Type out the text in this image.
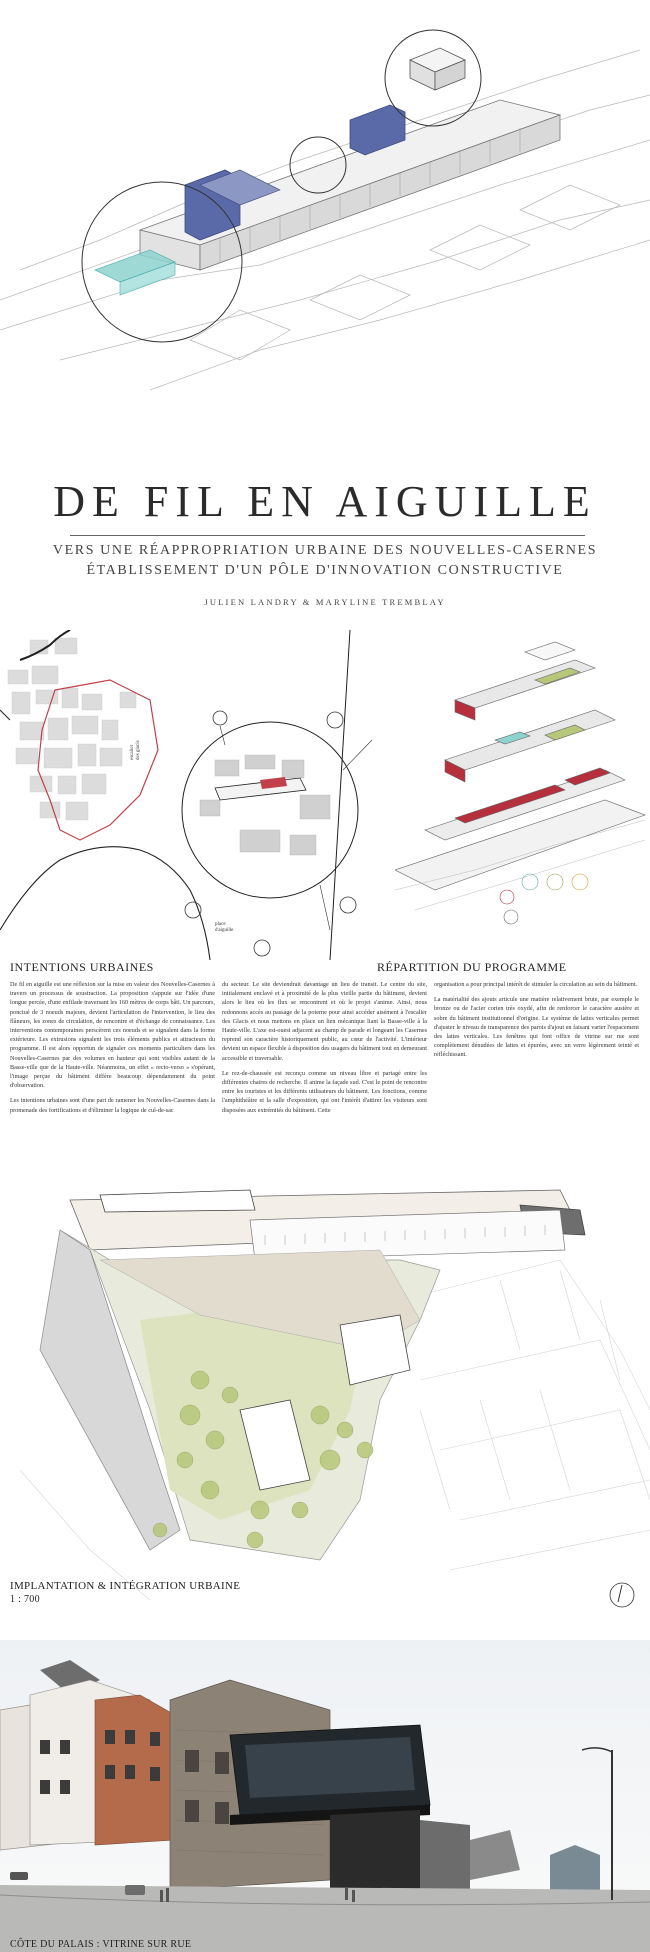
DE FIL EN AIGUILLE
VERS UNE RÉAPPROPRIATION URBAINE DES NOUVELLES-CASERNES
ÉTABLISSEMENT D'UN PÔLE D'INNOVATION CONSTRUCTIVE
JULIEN LANDRY & MARYLINE TREMBLAY
escalier
des glacis
place
d'aiguille
INTENTIONS URBAINES	RÉPARTITION DU PROGRAMME

De fil en aiguille est une réflexion sur la mise en valeur des Nouvelles-Casernes à travers un processus de soustraction. La proposition s'appuie sur l'idée d'une longue percée, d'une enfilade traversant les 160 mètres de corps bâti. Un parcours, ponctué de 3 noeuds majeurs, devient l'articulation de l'intervention, le lieu des flâneurs, les zones de circulation, de rencontre et d'échange de connaissance. Les interventions contemporaines perscèrent ces noeuds et se signalent dans la forme extérieure. Les extrusions signalent les trois éléments publics et attracteurs du programme. Il est alors opportun de signaler ces moments particuliers dans les Nouvelles-Casernes par des volumes en hauteur qui sont visibles autant de la Basse-ville que de la Haute-ville. Néanmoins, un effet « recto-verso » s'opérant, l'image perçue du bâtiment diffère beaucoup dépendamment du point d'observation.

Les intentions urbaines sont d'une part de ramener les Nouvelles-Casernes dans la promenade des fortifications et d'éliminer la logique de cul-de-sac

du secteur. Le site deviendrait davantage un lieu de transit. Le centre du site, initialement enclavé et à proximité de la plus vieille partie du bâtiment, devient alors le lieu où les flux se rencontrent et où le projet s'anime. Ainsi, nous redonnons accès au passage de la poterne pour ainsi accéder aisément à l'escalier des Glacis et nous mettons en place un lien mécanique liant la Basse-ville à la Haute-ville. L'axe est-ouest adjacent au champ de parade et longeant les Casernes reprend son caractère historiquement public, au cœur de l'activité. L'intérieur devient un espace flexible à disposition des usagers du bâtiment tout en demeurant accessible et traversable.

Le rez-de-chaussée est reconçu comme un niveau libre et partagé entre les différentes chaires de recherche. Il anime la façade sud. C'est le point de rencontre entre les touristes et les différents utilisateurs du bâtiment. Les fonctions, comme l'amphithéâtre et la salle d'exposition, qui ont l'intérêt d'attirer les visiteurs sont disposées aux extrémités du bâtiment. Cette

organisation a pour principal intérêt de stimuler la circulation au sein du bâtiment.

La matérialité des ajouts articule une matière relativement brute, par exemple le bronze ou de l'acier corten très oxydé, afin de renforcer le caractère austère et sobre du bâtiment institutionnel d'origine. Le système de lattes verticales permet d'ajuster le niveau de transparence des parois d'ajout en faisant varier l'espacement des lattes verticales. Les fenêtres qui font office de vitrine sur rue sont complètement dénudées de lattes et épurées, avec un verre légèrement teinté et réfléchissant.

IMPLANTATION & INTÉGRATION URBAINE
1 : 700
CÔTE DU PALAIS : VITRINE SUR RUE
